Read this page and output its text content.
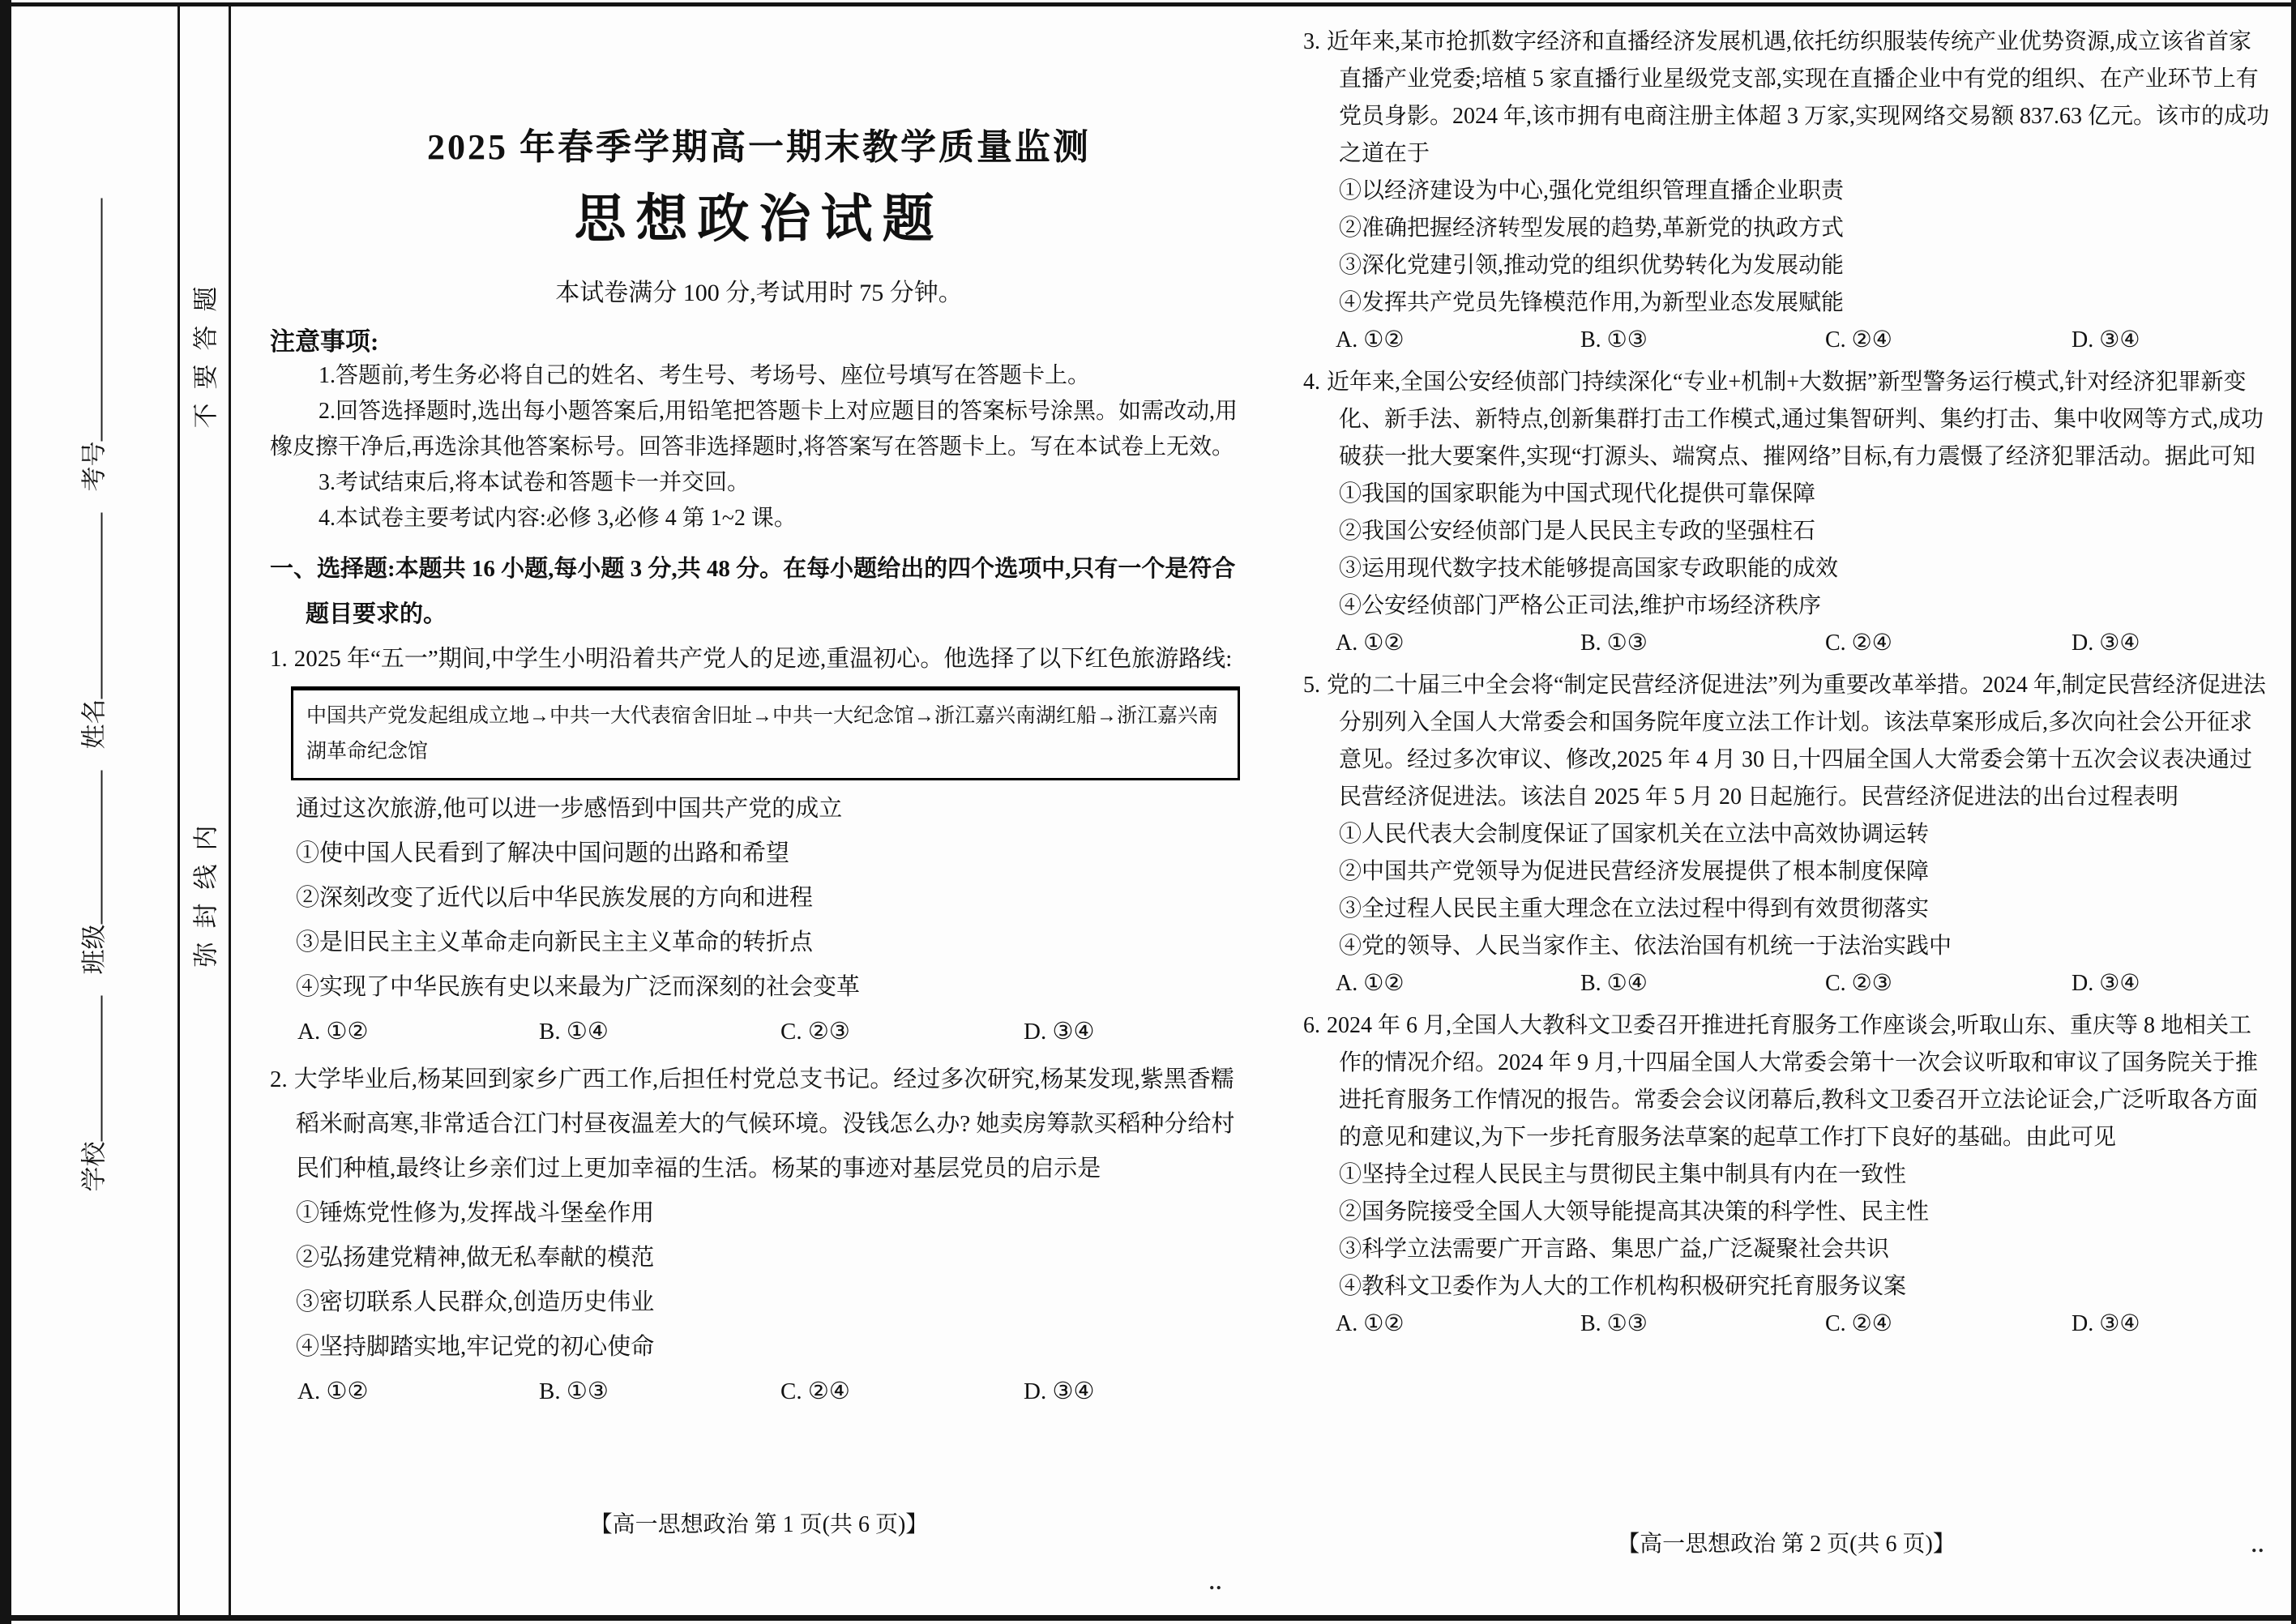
学校班级姓名考号
不要答题
弥封线内
2025 年春季学期高一期末教学质量监测
思想政治试题
本试卷满分 100 分,考试用时 75 分钟。
注意事项:

1.答题前,考生务必将自己的姓名、考生号、考场号、座位号填写在答题卡上。

2.回答选择题时,选出每小题答案后,用铅笔把答题卡上对应题目的答案标号涂黑。如需改动,用橡皮擦干净后,再选涂其他答案标号。回答非选择题时,将答案写在答题卡上。写在本试卷上无效。

3.考试结束后,将本试卷和答题卡一并交回。

4.本试卷主要考试内容:必修 3,必修 4 第 1~2 课。

一、选择题:本题共 16 小题,每小题 3 分,共 48 分。在每小题给出的四个选项中,只有一个是符合题目要求的。

1. 2025 年“五一”期间,中学生小明沿着共产党人的足迹,重温初心。他选择了以下红色旅游路线:

中国共产党发起组成立地→中共一大代表宿舍旧址→中共一大纪念馆→浙江嘉兴南湖红船→浙江嘉兴南湖革命纪念馆

通过这次旅游,他可以进一步感悟到中国共产党的成立

①使中国人民看到了解决中国问题的出路和希望

②深刻改变了近代以后中华民族发展的方向和进程

③是旧民主主义革命走向新民主主义革命的转折点

④实现了中华民族有史以来最为广泛而深刻的社会变革

A. ①②	B. ①④	C. ②③	D. ③④

2. 大学毕业后,杨某回到家乡广西工作,后担任村党总支书记。经过多次研究,杨某发现,紫黑香糯稻米耐高寒,非常适合江门村昼夜温差大的气候环境。没钱怎么办? 她卖房筹款买稻种分给村民们种植,最终让乡亲们过上更加幸福的生活。杨某的事迹对基层党员的启示是

①锤炼党性修为,发挥战斗堡垒作用

②弘扬建党精神,做无私奉献的模范

③密切联系人民群众,创造历史伟业

④坚持脚踏实地,牢记党的初心使命

A. ①②	B. ①③	C. ②④	D. ③④
【高一思想政治 第 1 页(共 6 页)】

3. 近年来,某市抢抓数字经济和直播经济发展机遇,依托纺织服装传统产业优势资源,成立该省首家直播产业党委;培植 5 家直播行业星级党支部,实现在直播企业中有党的组织、在产业环节上有党员身影。2024 年,该市拥有电商注册主体超 3 万家,实现网络交易额 837.63 亿元。该市的成功之道在于

①以经济建设为中心,强化党组织管理直播企业职责

②准确把握经济转型发展的趋势,革新党的执政方式

③深化党建引领,推动党的组织优势转化为发展动能

④发挥共产党员先锋模范作用,为新型业态发展赋能

A. ①②	B. ①③	C. ②④	D. ③④

4. 近年来,全国公安经侦部门持续深化“专业+机制+大数据”新型警务运行模式,针对经济犯罪新变化、新手法、新特点,创新集群打击工作模式,通过集智研判、集约打击、集中收网等方式,成功破获一批大要案件,实现“打源头、端窝点、摧网络”目标,有力震慑了经济犯罪活动。据此可知

①我国的国家职能为中国式现代化提供可靠保障

②我国公安经侦部门是人民民主专政的坚强柱石

③运用现代数字技术能够提高国家专政职能的成效

④公安经侦部门严格公正司法,维护市场经济秩序

A. ①②	B. ①③	C. ②④	D. ③④

5. 党的二十届三中全会将“制定民营经济促进法”列为重要改革举措。2024 年,制定民营经济促进法分别列入全国人大常委会和国务院年度立法工作计划。该法草案形成后,多次向社会公开征求意见。经过多次审议、修改,2025 年 4 月 30 日,十四届全国人大常委会第十五次会议表决通过民营经济促进法。该法自 2025 年 5 月 20 日起施行。民营经济促进法的出台过程表明

①人民代表大会制度保证了国家机关在立法中高效协调运转

②中国共产党领导为促进民营经济发展提供了根本制度保障

③全过程人民民主重大理念在立法过程中得到有效贯彻落实

④党的领导、人民当家作主、依法治国有机统一于法治实践中

A. ①②	B. ①④	C. ②③	D. ③④

6. 2024 年 6 月,全国人大教科文卫委召开推进托育服务工作座谈会,听取山东、重庆等 8 地相关工作的情况介绍。2024 年 9 月,十四届全国人大常委会第十一次会议听取和审议了国务院关于推进托育服务工作情况的报告。常委会会议闭幕后,教科文卫委召开立法论证会,广泛听取各方面的意见和建议,为下一步托育服务法草案的起草工作打下良好的基础。由此可见

①坚持全过程人民民主与贯彻民主集中制具有内在一致性

②国务院接受全国人大领导能提高其决策的科学性、民主性

③科学立法需要广开言路、集思广益,广泛凝聚社会共识

④教科文卫委作为人大的工作机构积极研究托育服务议案

A. ①②	B. ①③	C. ②④	D. ③④
【高一思想政治 第 2 页(共 6 页)】
..
..
